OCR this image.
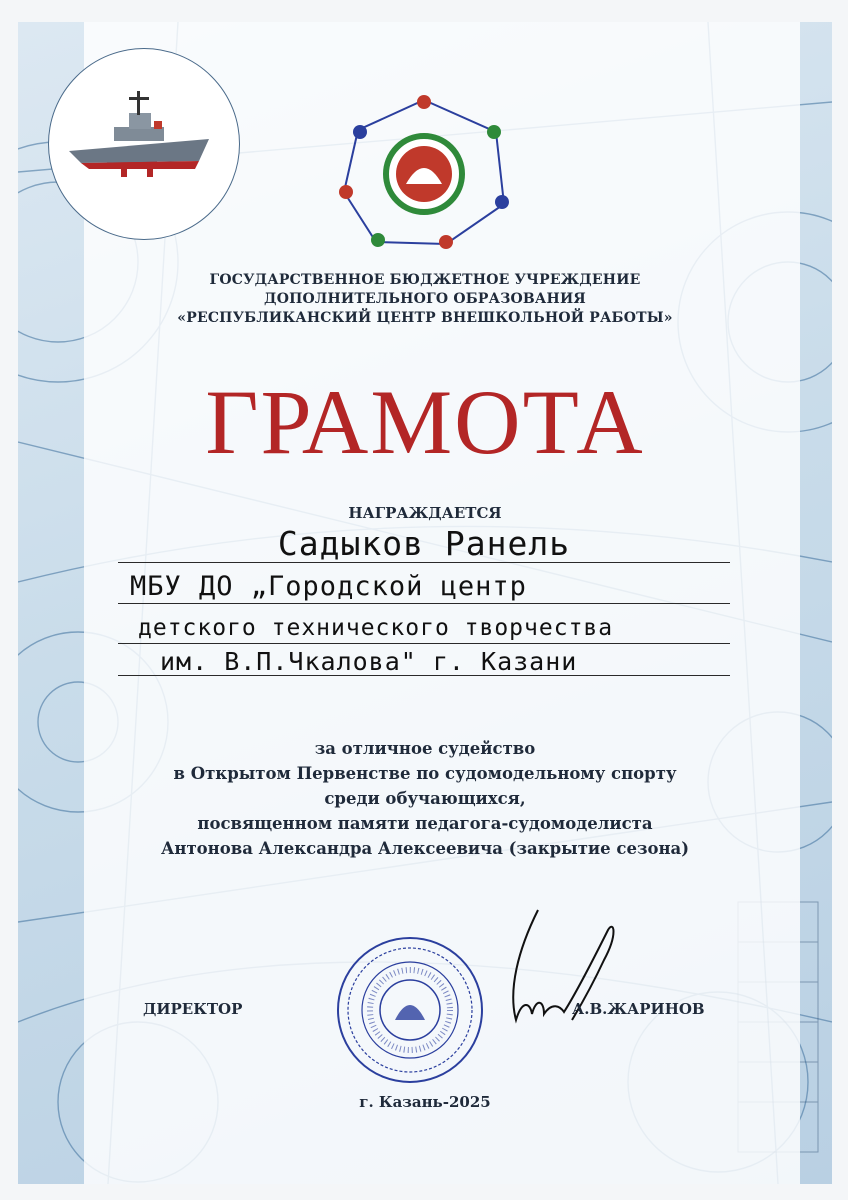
ГОСУДАРСТВЕННОЕ БЮДЖЕТНОЕ УЧРЕЖДЕНИЕ
ДОПОЛНИТЕЛЬНОГО ОБРАЗОВАНИЯ
«РЕСПУБЛИКАНСКИЙ ЦЕНТР ВНЕШКОЛЬНОЙ РАБОТЫ»
ГРАМОТА
НАГРАЖДАЕТСЯ
Садыков Ранель
МБУ ДО „Городской центр
детского технического творчества
им. В.П.Чкалова" г. Казани
за отличное судейство
в Открытом Первенстве по судомодельному спорту
среди обучающихся,
посвященном памяти педагога-судомоделиста
Антонова Александра Алексеевича (закрытие сезона)
ДИРЕКТОР	А.В.ЖАРИНОВ
г. Казань-2025
